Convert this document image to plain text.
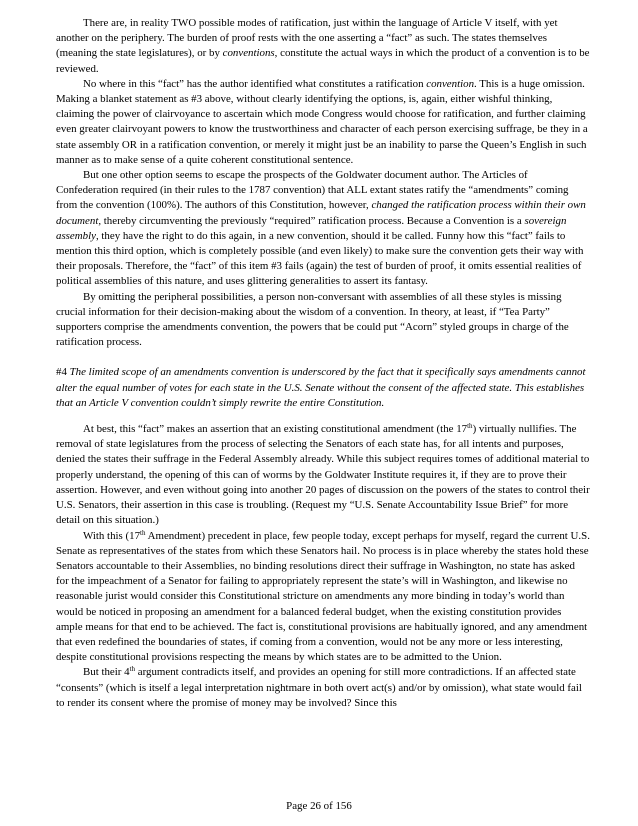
There are, in reality TWO possible modes of ratification, just within the language of Article V itself, with yet another on the periphery. The burden of proof rests with the one asserting a “fact” as such. The states themselves (meaning the state legislatures), or by conventions, constitute the actual ways in which the product of a convention is to be reviewed.

No where in this “fact” has the author identified what constitutes a ratification convention. This is a huge omission. Making a blanket statement as #3 above, without clearly identifying the options, is, again, either wishful thinking, claiming the power of clairvoyance to ascertain which mode Congress would choose for ratification, and further claiming even greater clairvoyant powers to know the trustworthiness and character of each person exercising suffrage, be they in a state assembly OR in a ratification convention, or merely it might just be an inability to parse the Queen’s English in such manner as to make sense of a quite coherent constitutional sentence.

But one other option seems to escape the prospects of the Goldwater document author. The Articles of Confederation required (in their rules to the 1787 convention) that ALL extant states ratify the “amendments” coming from the convention (100%). The authors of this Constitution, however, changed the ratification process within their own document, thereby circumventing the previously “required” ratification process. Because a Convention is a sovereign assembly, they have the right to do this again, in a new convention, should it be called. Funny how this “fact” fails to mention this third option, which is completely possible (and even likely) to make sure the convention gets their way with their proposals. Therefore, the “fact” of this item #3 fails (again) the test of burden of proof, it omits essential realities of political assemblies of this nature, and uses glittering generalities to assert its fantasy.

By omitting the peripheral possibilities, a person non-conversant with assemblies of all these styles is missing crucial information for their decision-making about the wisdom of a convention. In theory, at least, if “Tea Party” supporters comprise the amendments convention, the powers that be could put “Acorn” styled groups in charge of the ratification process.

#4 The limited scope of an amendments convention is underscored by the fact that it specifically says amendments cannot alter the equal number of votes for each state in the U.S. Senate without the consent of the affected state. This establishes that an Article V convention couldn’t simply rewrite the entire Constitution.

At best, this “fact” makes an assertion that an existing constitutional amendment (the 17th) virtually nullifies. The removal of state legislatures from the process of selecting the Senators of each state has, for all intents and purposes, denied the states their suffrage in the Federal Assembly already. While this subject requires tomes of additional material to properly understand, the opening of this can of worms by the Goldwater Institute requires it, if they are to prove their assertion. However, and even without going into another 20 pages of discussion on the powers of the states to control their U.S. Senators, their assertion in this case is troubling. (Request my “U.S. Senate Accountability Issue Brief” for more detail on this situation.)

With this (17th Amendment) precedent in place, few people today, except perhaps for myself, regard the current U.S. Senate as representatives of the states from which these Senators hail. No process is in place whereby the states hold these Senators accountable to their Assemblies, no binding resolutions direct their suffrage in Washington, no state has asked for the impeachment of a Senator for failing to appropriately represent the state’s will in Washington, and likewise no reasonable jurist would consider this Constitutional stricture on amendments any more binding in today’s world than would be noticed in proposing an amendment for a balanced federal budget, when the existing constitution provides ample means for that end to be achieved. The fact is, constitutional provisions are habitually ignored, and any amendment that even redefined the boundaries of states, if coming from a convention, would not be any more or less interesting, despite constitutional provisions respecting the means by which states are to be admitted to the Union.

But their 4th argument contradicts itself, and provides an opening for still more contradictions. If an affected state “consents” (which is itself a legal interpretation nightmare in both overt act(s) and/or by omission), what state would fail to render its consent where the promise of money may be involved? Since this

Page 26 of 156
